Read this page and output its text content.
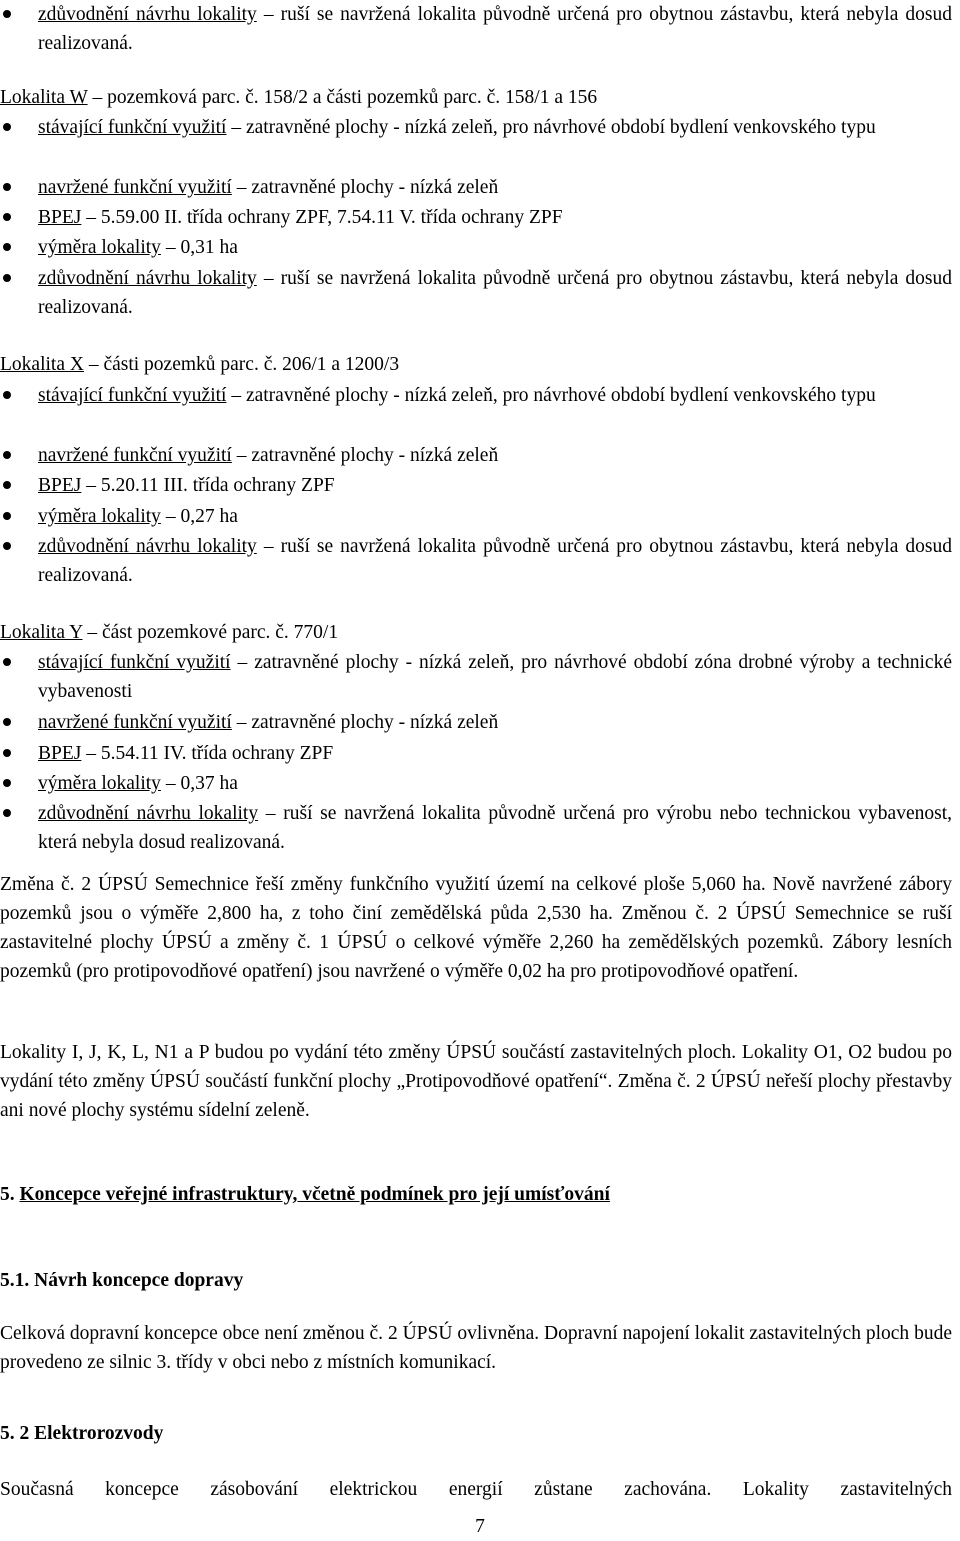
zdůvodnění návrhu lokality – ruší se navržená lokalita původně určená pro obytnou zástavbu, která nebyla dosud realizovaná.
Lokalita W – pozemková parc. č. 158/2 a části pozemků parc. č. 158/1 a 156
stávající funkční využití – zatravněné plochy - nízká zeleň, pro návrhové období bydlení venkovského typu
navržené funkční využití – zatravněné plochy - nízká zeleň
BPEJ – 5.59.00 II. třída ochrany ZPF, 7.54.11 V. třída ochrany ZPF
výměra lokality – 0,31 ha
zdůvodnění návrhu lokality – ruší se navržená lokalita původně určená pro obytnou zástavbu, která nebyla dosud realizovaná.
Lokalita X – části pozemků parc. č. 206/1 a 1200/3
stávající funkční využití – zatravněné plochy - nízká zeleň, pro návrhové období bydlení venkovského typu
navržené funkční využití – zatravněné plochy - nízká zeleň
BPEJ – 5.20.11 III. třída ochrany ZPF
výměra lokality – 0,27 ha
zdůvodnění návrhu lokality – ruší se navržená lokalita původně určená pro obytnou zástavbu, která nebyla dosud realizovaná.
Lokalita Y – část pozemkové parc. č. 770/1
stávající funkční využití – zatravněné plochy - nízká zeleň, pro návrhové období zóna drobné výroby a technické vybavenosti
navržené funkční využití – zatravněné plochy - nízká zeleň
BPEJ – 5.54.11 IV. třída ochrany ZPF
výměra lokality – 0,37 ha
zdůvodnění návrhu lokality – ruší se navržená lokalita původně určená pro výrobu nebo technickou vybavenost, která nebyla dosud realizovaná.
Změna č. 2 ÚPSÚ Semechnice řeší změny funkčního využití území na celkové ploše 5,060 ha. Nově navržené zábory pozemků jsou o výměře 2,800 ha, z toho činí zemědělská půda 2,530 ha. Změnou č. 2 ÚPSÚ Semechnice se ruší zastavitelné plochy ÚPSÚ a změny č. 1 ÚPSÚ o celkové výměře 2,260 ha zemědělských pozemků. Zábory lesních pozemků (pro protipovodňové opatření) jsou navržené o výměře 0,02 ha pro protipovodňové opatření.
Lokality I, J, K, L, N1 a P budou po vydání této změny ÚPSÚ součástí zastavitelných ploch. Lokality O1, O2 budou po vydání této změny ÚPSÚ součástí funkční plochy „Protipovodňové opatření“. Změna č. 2 ÚPSÚ neřeší plochy přestavby ani nové plochy systému sídelní zeleně.
5. Koncepce veřejné infrastruktury, včetně podmínek pro její umísťování
5.1. Návrh koncepce dopravy
Celková dopravní koncepce obce není změnou č. 2 ÚPSÚ ovlivněna. Dopravní napojení lokalit zastavitelných ploch bude provedeno ze silnic 3. třídy v obci nebo z místních komunikací.
5. 2 Elektrorozvody
Současná koncepce zásobování elektrickou energií zůstane zachována. Lokality zastavitelných
7
